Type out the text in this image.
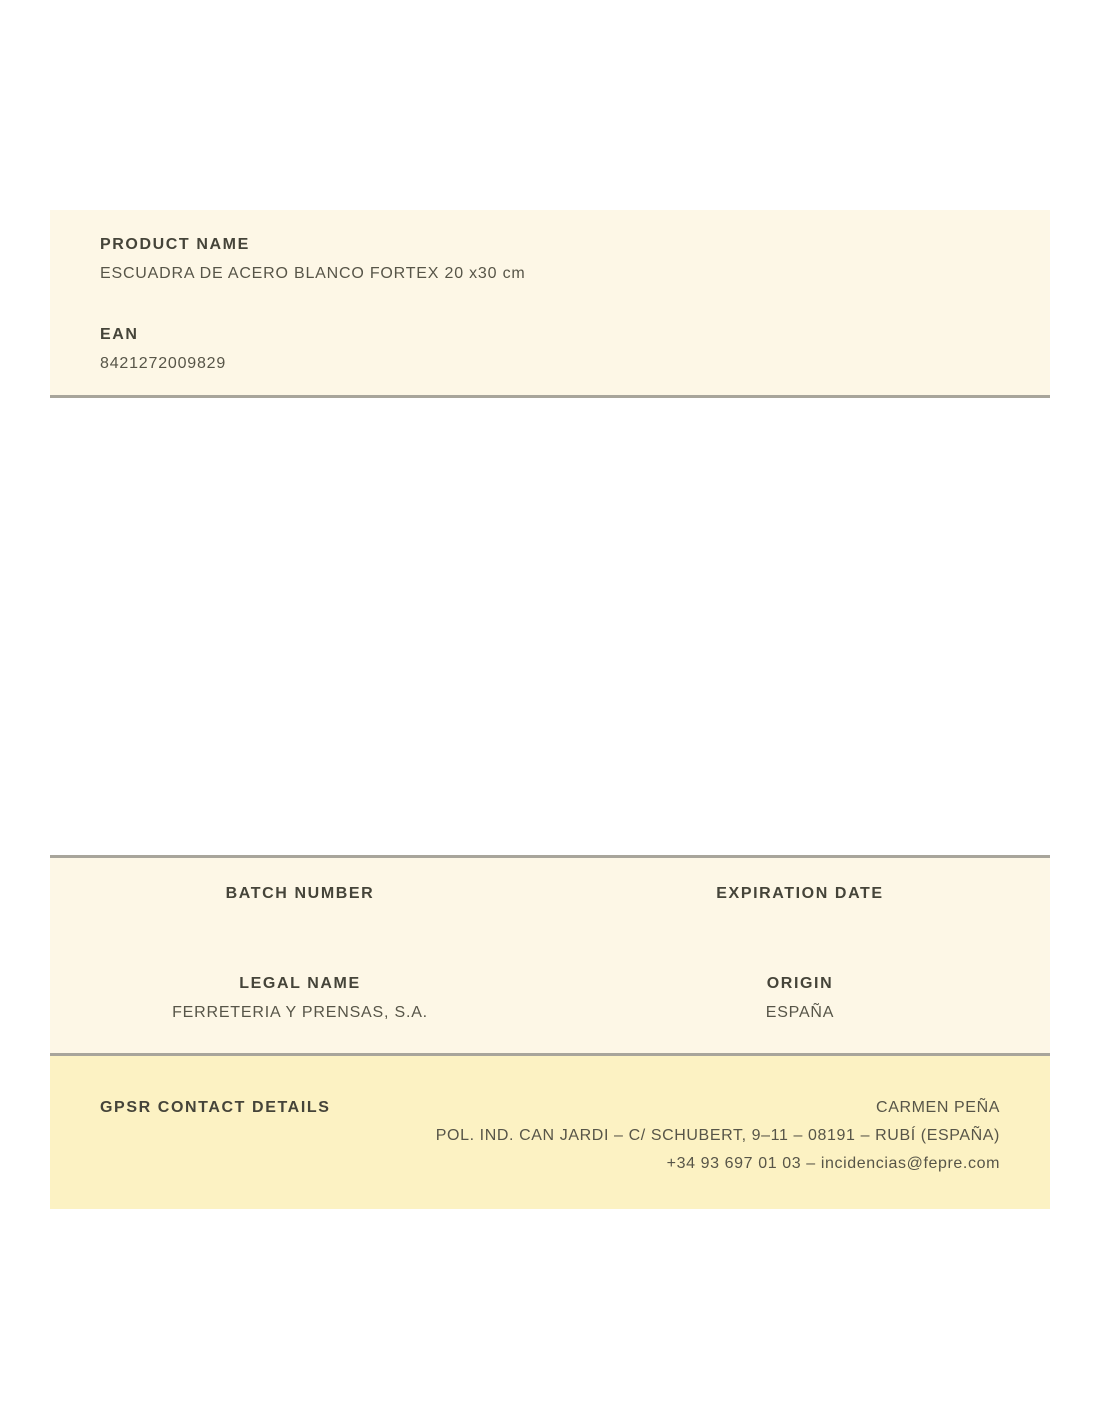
PRODUCT NAME
ESCUADRA DE ACERO BLANCO FORTEX 20 x30 cm
EAN
8421272009829
BATCH NUMBER	EXPIRATION DATE
LEGAL NAME
FERRETERIA Y PRENSAS, S.A.
ORIGIN
ESPAÑA
GPSR CONTACT DETAILS	CARMEN PEÑA
POL. IND. CAN JARDI – C/ SCHUBERT, 9–11 – 08191 – RUBÍ (ESPAÑA)
+34 93 697 01 03 – incidencias@fepre.com
